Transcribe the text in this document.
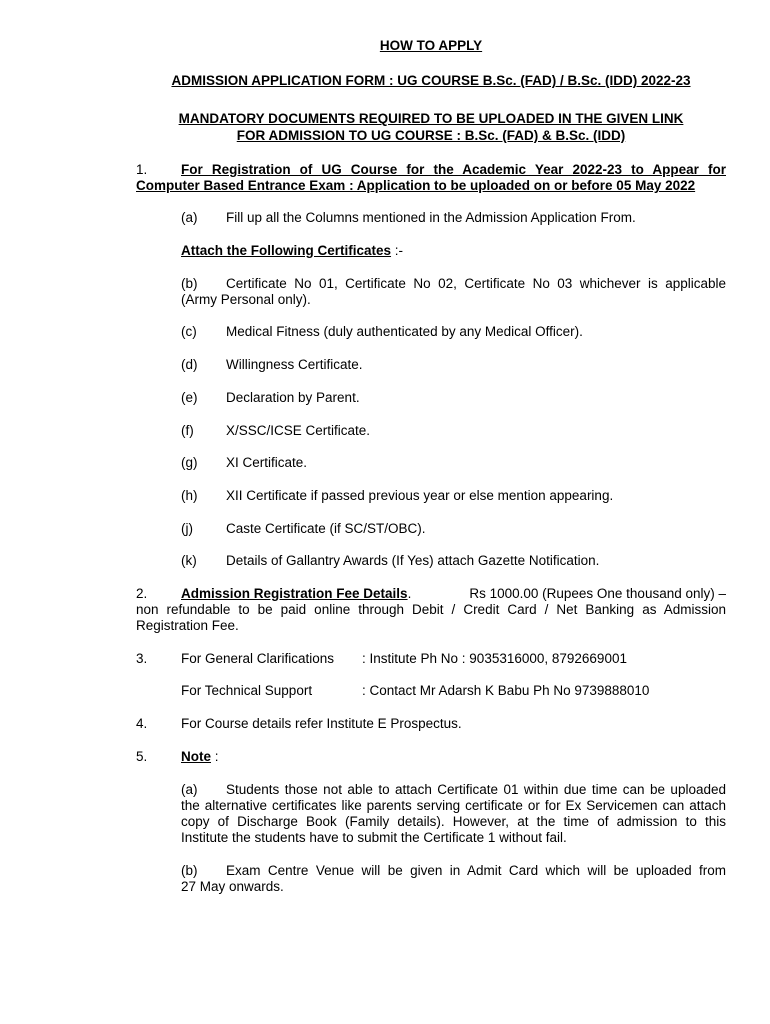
HOW TO APPLY
ADMISSION APPLICATION FORM : UG COURSE B.Sc. (FAD) / B.Sc. (IDD) 2022-23
MANDATORY DOCUMENTS REQUIRED TO BE UPLOADED IN THE GIVEN LINK
FOR ADMISSION TO UG COURSE : B.Sc. (FAD) & B.Sc. (IDD)
1. For Registration of UG Course for the Academic Year 2022-23 to Appear for
Computer Based Entrance Exam : Application to be uploaded on or before 05 May 2022
(a) Fill up all the Columns mentioned in the Admission Application From.
Attach the Following Certificates :-
(b) Certificate No 01, Certificate No 02, Certificate No 03 whichever is applicable
(Army Personal only).
(c) Medical Fitness (duly authenticated by any Medical Officer).
(d) Willingness Certificate.
(e) Declaration by Parent.
(f) X/SSC/ICSE Certificate.
(g) XI Certificate.
(h) XII Certificate if passed previous year or else mention appearing.
(j) Caste Certificate (if SC/ST/OBC).
(k) Details of Gallantry Awards (If Yes) attach Gazette Notification.
2. Admission Registration Fee Details.	Rs 1000.00 (Rupees One thousand only) –
non refundable to be paid online through Debit / Credit Card / Net Banking as Admission
Registration Fee.
3. For General Clarifications : Institute Ph No : 9035316000, 8792669001
For Technical Support	: Contact Mr Adarsh K Babu Ph No 9739888010
4. For Course details refer Institute E Prospectus.
5. Note :
(a) Students those not able to attach Certificate 01 within due time can be uploaded
the alternative certificates like parents serving certificate or for Ex Servicemen can attach
copy of Discharge Book (Family details). However, at the time of admission to this
Institute the students have to submit the Certificate 1 without fail.
(b) Exam Centre Venue will be given in Admit Card which will be uploaded from
27 May onwards.
